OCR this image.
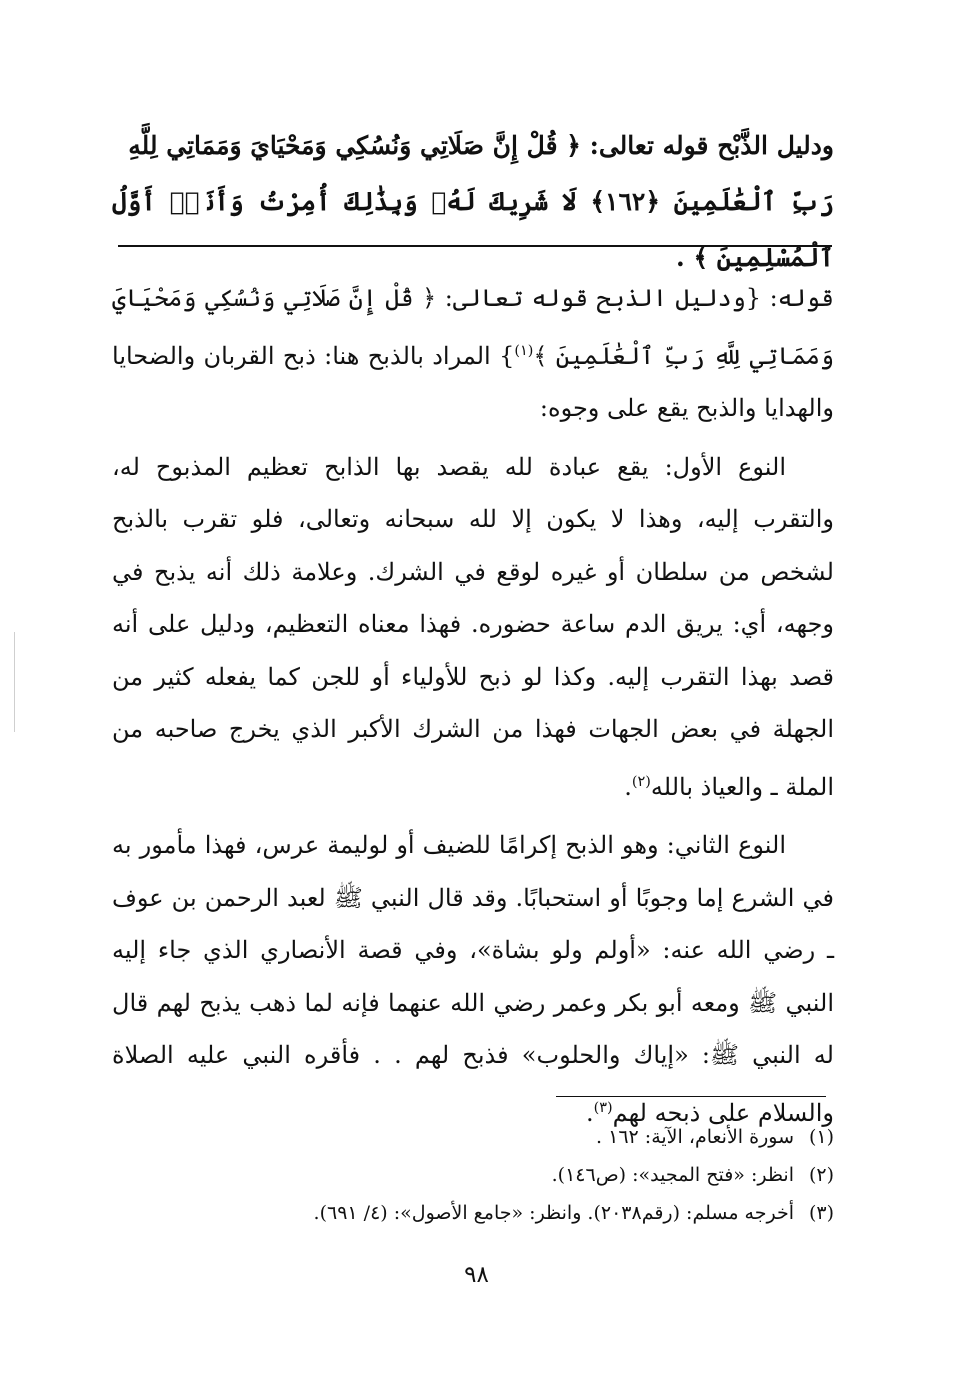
ودليل الذَّبْح قوله تعالى: ﴿ قُلْ إِنَّ صَلَاتِي وَنُسُكِي وَمَحْيَايَ وَمَمَاتِي لِلَّهِ
رَبِّ ٱلْعَٰلَمِينَ ﴿١٦٢﴾ لَا شَرِيكَ لَهُۥ وَبِذَٰلِكَ أُمِرْتُ وَأَنَا۠ أَوَّلُ ٱلْمُسْلِمِينَ ﴾ .

قوله: {ودليل الذبح قوله تعالى: ﴿ قُلْ إِنَّ صَلَاتِي وَنُسُكِي وَمَحْيَايَ وَمَمَاتِي لِلَّهِ رَبِّ ٱلْعَٰلَمِينَ ﴾$^{(١)}$} المراد بالذبح هنا: ذبح القربان والضحايا والهدايا والذبح يقع على وجوه:

النوع الأول: يقع عبادة لله يقصد بها الذابح تعظيم المذبوح له، والتقرب إليه، وهذا لا يكون إلا لله سبحانه وتعالى، فلو تقرب بالذبح لشخص من سلطان أو غيره لوقع في الشرك. وعلامة ذلك أنه يذبح في وجهه، أي: يريق الدم ساعة حضوره. فهذا معناه التعظيم، ودليل على أنه قصد بهذا التقرب إليه. وكذا لو ذبح للأولياء أو للجن كما يفعله كثير من الجهلة في بعض الجهات فهذا من الشرك الأكبر الذي يخرج صاحبه من الملة ـ والعياذ بالله$^{(٢)}$.

النوع الثاني: وهو الذبح إكرامًا للضيف أو لوليمة عرس، فهذا مأمور به في الشرع إما وجوبًا أو استحبابًا. وقد قال النبي ﷺ لعبد الرحمن بن عوف ـ رضي الله عنه: «أولم ولو بشاة»، وفي قصة الأنصاري الذي جاء إليه النبي ﷺ ومعه أبو بكر وعمر رضي الله عنهما فإنه لما ذهب يذبح لهم قال له النبي ﷺ: «إياك والحلوب» فذبح لهم . . فأقره النبي عليه الصلاة والسلام على ذبحه لهم$^{(٣)}$.

(١)
سورة الأنعام، الآية: ١٦٢ .
(٢)
انظر: «فتح المجيد»: (ص١٤٦).
(٣)
أخرجه مسلم: (رقم٢٠٣٨). وانظر: «جامع الأصول»: (٤/ ٦٩١).
٩٨
